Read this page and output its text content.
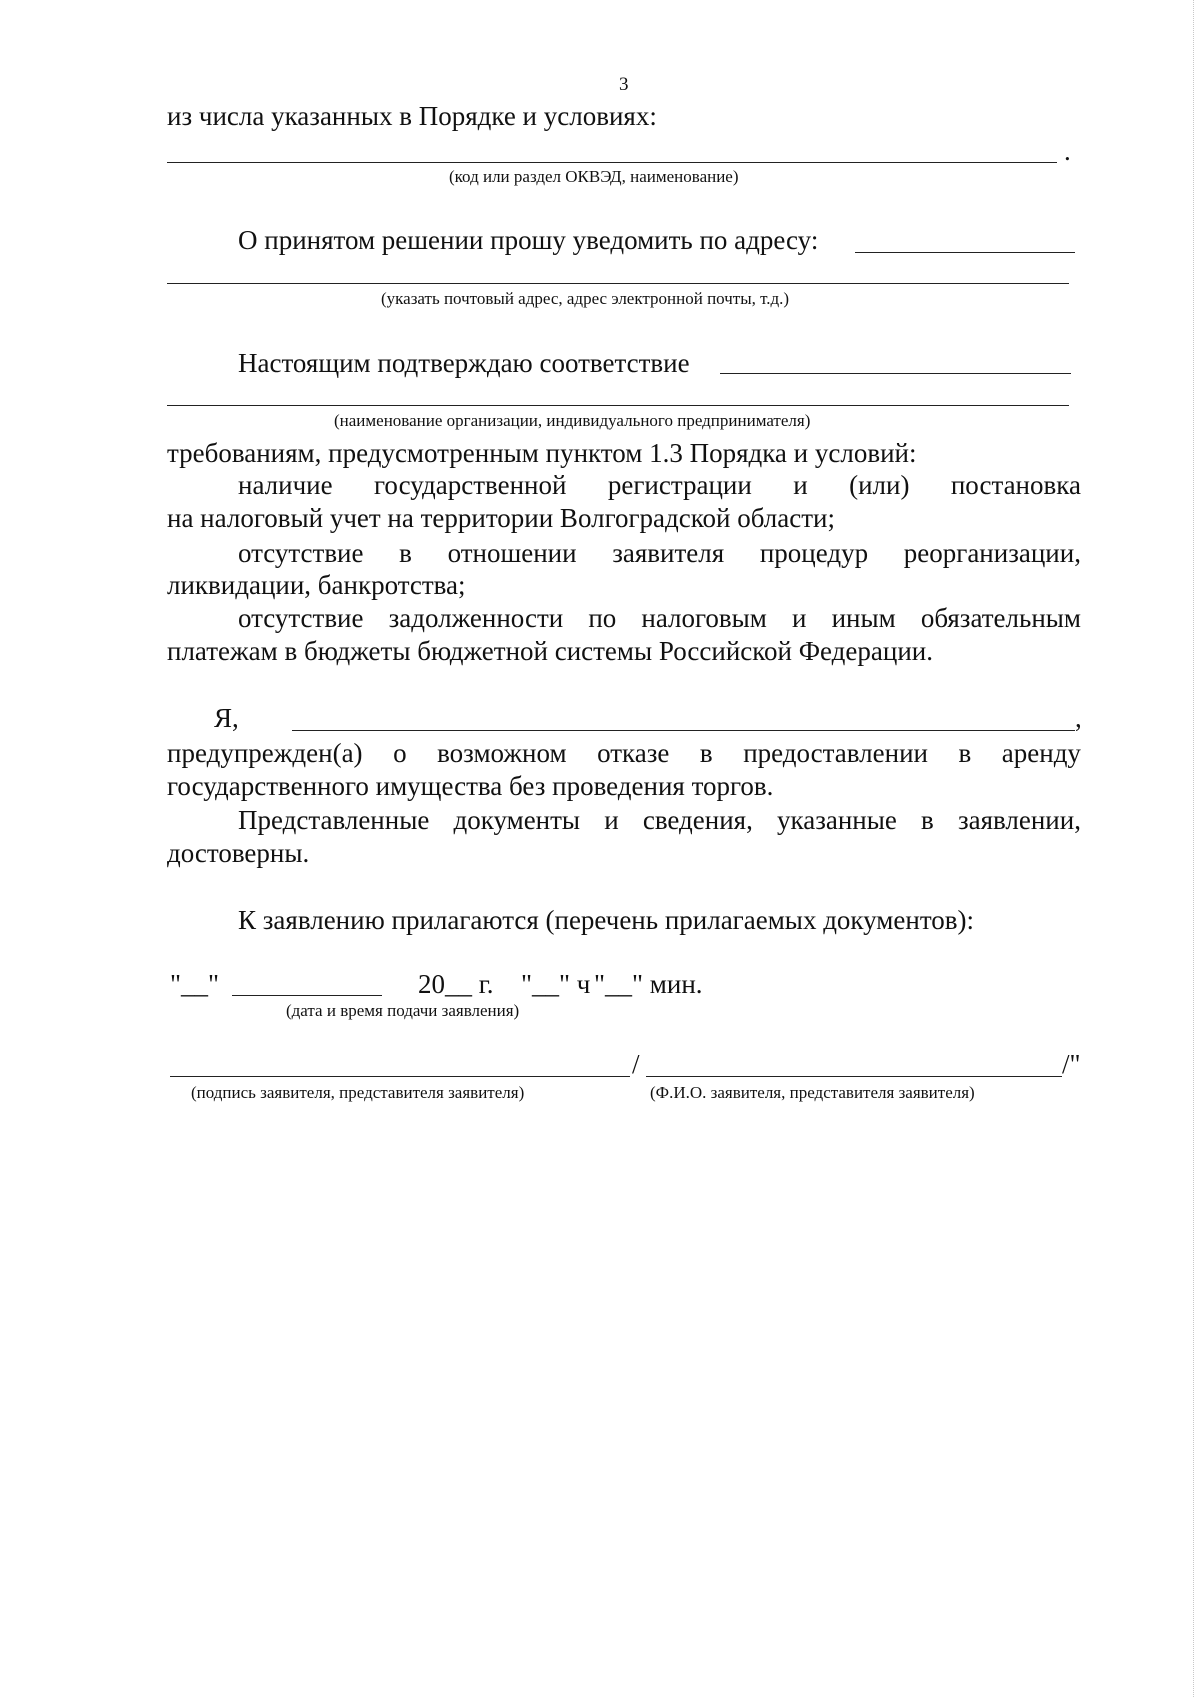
3
из числа указанных в Порядке и условиях:
.
(код или раздел ОКВЭД, наименование)
О принятом решении прошу уведомить по адресу:
(указать почтовый адрес, адрес электронной почты, т.д.)
Настоящим подтверждаю соответствие
(наименование организации, индивидуального предпринимателя)
требованиям, предусмотренным пунктом 1.3 Порядка и условий:
наличие государственной регистрации и (или) постановка
на налоговый учет на территории Волгоградской области;
отсутствие в отношении заявителя процедур реорганизации,
ликвидации, банкротства;
отсутствие задолженности по налоговым и иным обязательным
платежам в бюджеты бюджетной системы Российской Федерации.
Я,	,
предупрежден(а) о возможном отказе в предоставлении в аренду
государственного имущества без проведения торгов.
Представленные документы и сведения, указанные в заявлении,
достоверны.
К заявлению прилагаются (перечень прилагаемых документов):
"__"	20__ г. "__" ч "__" мин.
(дата и время подачи заявления)
/	/"
(подпись заявителя, представителя заявителя)	(Ф.И.О. заявителя, представителя заявителя)
